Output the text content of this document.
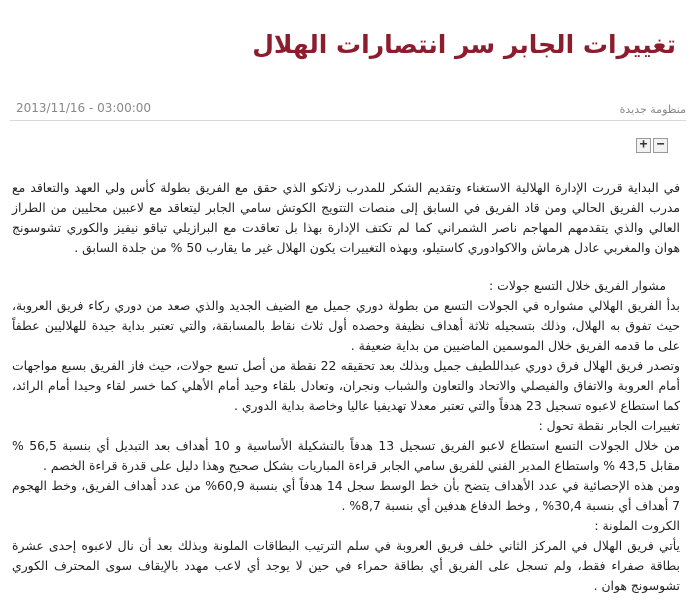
تغييرات الجابر سر انتصارات الهلال
منظومة جديدة
2013/11/16 - 03:00:00
+ −

في البداية قررت الإدارة الهلالية الاستغناء وتقديم الشكر للمدرب زلاتكو الذي حقق مع الفريق بطولة كأس ولي العهد والتعاقد مع مدرب الفريق الحالي ومن قاد الفريق في السابق إلى منصات التتويج الكوتش سامي الجابر ليتعاقد مع لاعبين محليين من الطراز العالي والذي يتقدمهم المهاجم ناصر الشمراني كما لم تكتف الإدارة بهذا بل تعاقدت مع البرازيلي تياقو نيفيز والكوري تشوسونج هوان والمغربي عادل هرماش والاكوادوري كاستيلو، وبهذه التغييرات يكون الهلال غير ما يقارب 50 % من جلدة السابق .

مشوار الفريق خلال التسع جولات :

بدأ الفريق الهلالي مشواره في الجولات التسع من بطولة دوري جميل مع الضيف الجديد والذي صعد من دوري ركاء فريق العروبة، حيث تفوق به الهلال، وذلك بتسجيله ثلاثة أهداف نظيفة وحصده أول ثلاث نقاط بالمسابقة، والتي تعتبر بداية جيدة للهلاليين عطفاً على ما قدمه الفريق خلال الموسمين الماضيين من بداية ضعيفة .

وتصدر فريق الهلال فرق دوري عبداللطيف جميل وبذلك بعد تحقيقه 22 نقطة من أصل تسع جولات، حيث فاز الفريق بسبع مواجهات أمام العروبة والاتفاق والفيصلي والاتحاد والتعاون والشباب ونجران، وتعادل بلقاء وحيد أمام الأهلي كما خسر لقاء وحيدا أمام الرائد، كما استطاع لاعبوه تسجيل 23 هدفاً والتي تعتبر معدلا تهديفيا عاليا وخاصة بداية الدوري .

تغييرات الجابر نقطة تحول :

من خلال الجولات التسع استطاع لاعبو الفريق تسجيل 13 هدفاً بالتشكيلة الأساسية و 10 أهداف بعد التبديل أي بنسبة 56,5 % مقابل 43,5 % واستطاع المدير الفني للفريق سامي الجابر قراءة المباريات بشكل صحيح وهذا دليل على قدرة قراءة الخصم .

ومن هذه الإحصائية في عدد الأهداف يتضح بأن خط الوسط سجل 14 هدفاً أي بنسبة 60,9% من عدد أهداف الفريق، وخط الهجوم 7 أهداف أي بنسبة 30,4% , وخط الدفاع هدفين أي بنسبة 8,7% .

الكروت الملونة :

يأتي فريق الهلال في المركز الثاني خلف فريق العروبة في سلم الترتيب البطاقات الملونة وبذلك بعد أن نال لاعبوه إحدى عشرة بطاقة صفراء فقط، ولم تسجل على الفريق أي بطاقة حمراء في حين لا يوجد أي لاعب مهدد بالإيقاف سوى المحترف الكوري تشوسونج هوان .
